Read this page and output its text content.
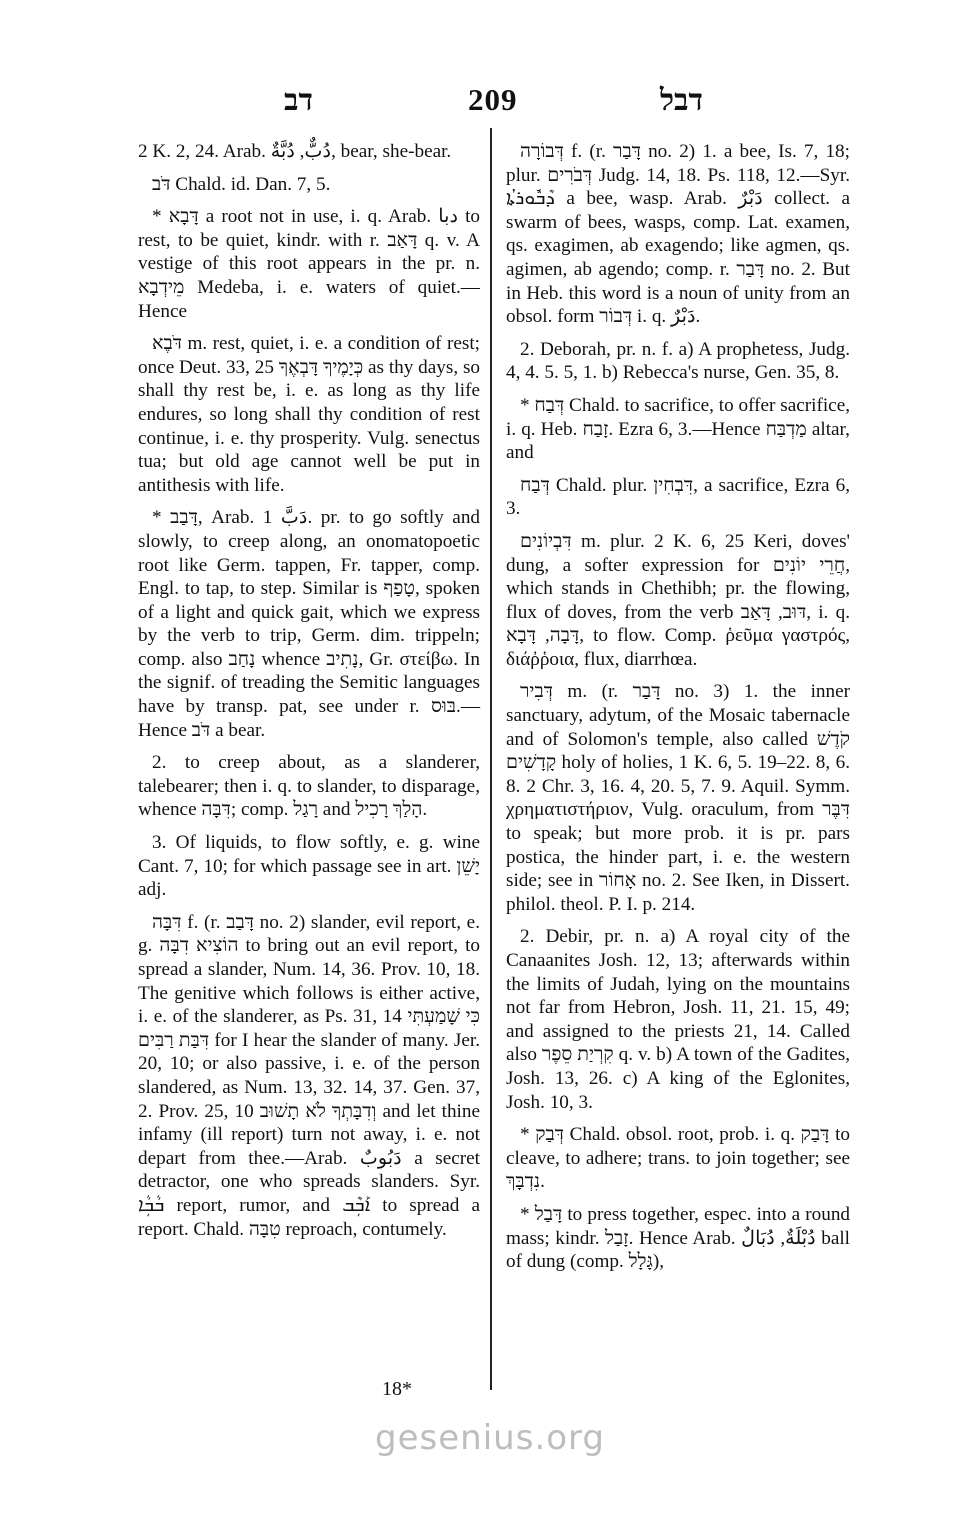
דב	209	דבל

2 K. 2, 24. Arab. دُبٌّ, دُبَّةٌ, bear, she-bear.

דֹּב Chald. id. Dan. 7, 5.

* דָּבָא a root not in use, i. q. Arab. دبا to rest, to be quiet, kindr. with r. דָּאַב q. v. A vestige of this root appears in the pr. n. מֵידְבָא Medeba, i. e. waters of quiet.—Hence

דֹּבֶא m. rest, quiet, i. e. a condition of rest; once Deut. 33, 25 כְּיָמֶיךָ דָּבְאֶךָ as thy days, so shall thy rest be, i. e. as long as thy life endures, so long shall thy condition of rest continue, i. e. thy prosperity. Vulg. senectus tua; but old age cannot well be put in antithesis with life.

* דָּבַב, Arab. دَبَّ 1. pr. to go softly and slowly, to creep along, an onomatopoetic root like Germ. tappen, Fr. tapper, comp. Engl. to tap, to step. Similar is טָפַף, spoken of a light and quick gait, which we express by the verb to trip, Germ. dim. trippeln; comp. also נָחַב whence נָתִיב, Gr. στείβω. In the signif. of treading the Semitic languages have by transp. pat, see under r. בּוּס.—Hence דֹּב a bear.

2. to creep about, as a slanderer, talebearer; then i. q. to slander, to disparage, whence דִּבָּה; comp. רָגַל and הָלַךְ רָכִיל.

3. Of liquids, to flow softly, e. g. wine Cant. 7, 10; for which passage see in art. יָשֵׁן adj.

דִּבָּה f. (r. דָּבַב no. 2) slander, evil report, e. g. הוֹצִיא דִבָּה to bring out an evil report, to spread a slander, Num. 14, 36. Prov. 10, 18. The genitive which follows is either active, i. e. of the slanderer, as Ps. 31, 14 כִּי שָׁמַעְתִּי דִּבַּת רַבִּים for I hear the slander of many. Jer. 20, 10; or also passive, i. e. of the person slandered, as Num. 13, 32. 14, 37. Gen. 37, 2. Prov. 25, 10 וְדִבָּתְךָ לֹא תָשׁוּב and let thine infamy (ill report) turn not away, i. e. not depart from thee.—Arab. دَبُوبٌ a secret detractor, one who spreads slanders. Syr. ܒܵܒܼܵܐ report, rumor, and ܐܰܒܼܶܒ to spread a report. Chald. טִבָּה reproach, contumely.

דְּבוֹרָה f. (r. דָּבַר no. 2) 1. a bee, Is. 7, 18; plur. דְּבֹרִים Judg. 14, 18. Ps. 118, 12.—Syr. ܕܶܒܽܘܪܬܳܐ a bee, wasp. Arab. دَبْرٌ collect. a swarm of bees, wasps, comp. Lat. examen, qs. exagimen, ab exagendo; like agmen, qs. agimen, ab agendo; comp. r. דָּבַר no. 2. But in Heb. this word is a noun of unity from an obsol. form דְּבוֹר i. q. دَبْرٌ.

2. Deborah, pr. n. f. a) A prophetess, Judg. 4, 4. 5. 5, 1. b) Rebecca's nurse, Gen. 35, 8.

* דְּבַח Chald. to sacrifice, to offer sacrifice, i. q. Heb. זָבַח. Ezra 6, 3.—Hence מַדְבַּח altar, and

דְּבַח Chald. plur. דִּבְחִין, a sacrifice, Ezra 6, 3.

דִּבְיוֹנִים m. plur. 2 K. 6, 25 Keri, doves' dung, a softer expression for חֲרֵי יוֹנִים, which stands in Chethibh; pr. the flowing, flux of doves, from the verb דּוּב, דָּאַב, i. q. דָּבָה, דָּבָא, to flow. Comp. ῥεῦμα γαστρός, διάῤῥοια, flux, diarrhœa.

דְּבִיר m. (r. דָּבַר no. 3) 1. the inner sanctuary, adytum, of the Mosaic tabernacle and of Solomon's temple, also called קֹדֶשׁ קָדָשִׁים holy of holies, 1 K. 6, 5. 19–22. 8, 6. 8. 2 Chr. 3, 16. 4, 20. 5, 7. 9. Aquil. Symm. χρηματιστήριον, Vulg. oraculum, from דִּבֶּר to speak; but more prob. it is pr. pars postica, the hinder part, i. e. the western side; see in אָחוֹר no. 2. See Iken, in Dissert. philol. theol. P. I. p. 214.

2. Debir, pr. n. a) A royal city of the Canaanites Josh. 12, 13; afterwards within the limits of Judah, lying on the mountains not far from Hebron, Josh. 11, 21. 15, 49; and assigned to the priests 21, 14. Called also קִרְיַת סֵפֶר q. v. b) A town of the Gadites, Josh. 13, 26. c) A king of the Eglonites, Josh. 10, 3.

* דְּבַק Chald. obsol. root, prob. i. q. דָּבַק to cleave, to adhere; trans. to join together; see נִדְבָּךְ.

* דָּבַל to press together, espec. into a round mass; kindr. זָבַל. Hence Arab. دُبْلَةٌ, دُبَالٌ ball of dung (comp. גָּלָל),

18*
gesenius.org
